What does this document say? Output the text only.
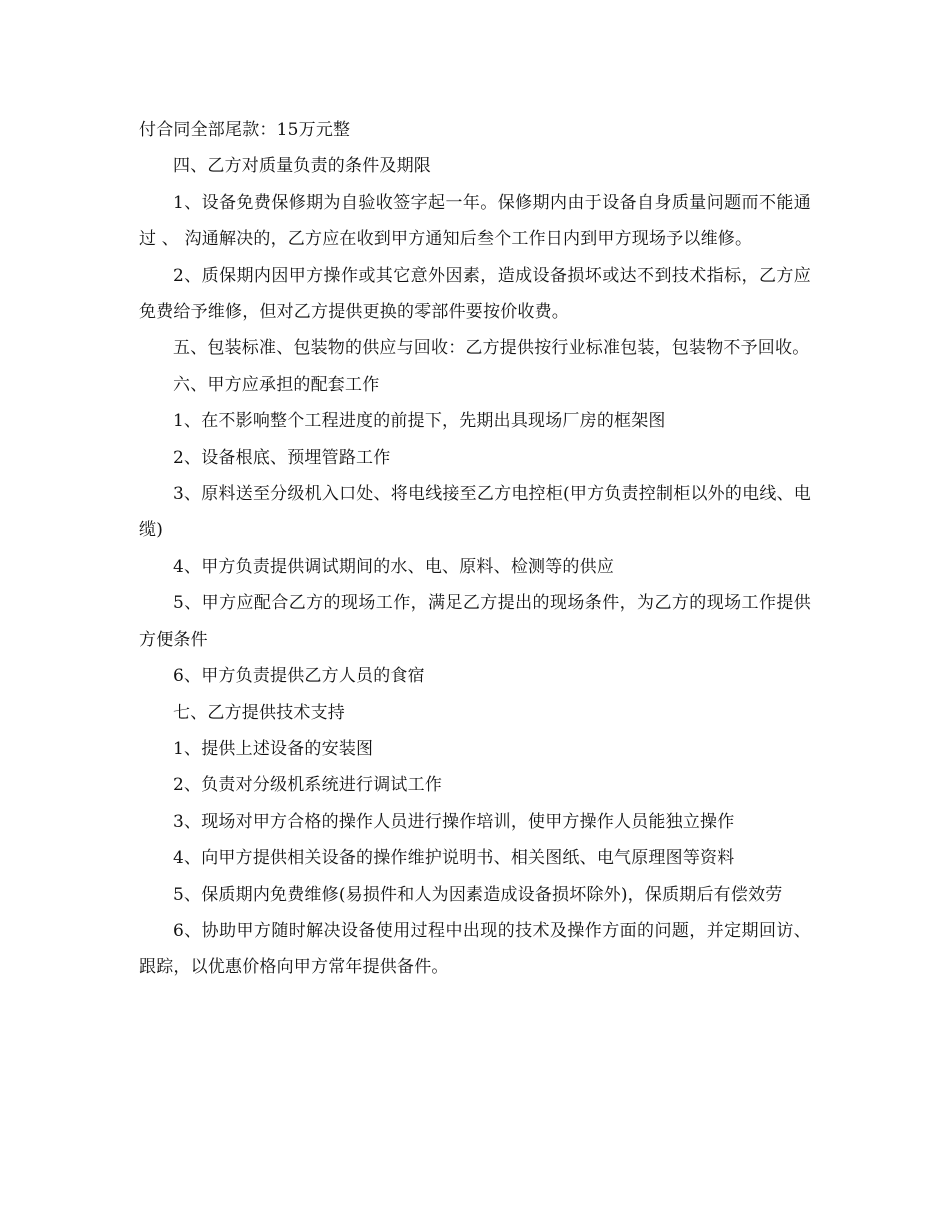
付合同全部尾款：15万元整

四、乙方对质量负责的条件及期限

1、设备免费保修期为自验收签字起一年。保修期内由于设备自身质量问题而不能通过 、 沟通解决的，乙方应在收到甲方通知后叁个工作日内到甲方现场予以维修。

2、质保期内因甲方操作或其它意外因素，造成设备损坏或达不到技术指标，乙方应免费给予维修，但对乙方提供更换的零部件要按价收费。

五、包装标准、包装物的供应与回收：乙方提供按行业标准包装，包装物不予回收。

六、甲方应承担的配套工作

1、在不影响整个工程进度的前提下，先期出具现场厂房的框架图

2、设备根底、预埋管路工作

3、原料送至分级机入口处、将电线接至乙方电控柜(甲方负责控制柜以外的电线、电缆)

4、甲方负责提供调试期间的水、电、原料、检测等的供应

5、甲方应配合乙方的现场工作，满足乙方提出的现场条件，为乙方的现场工作提供方便条件

6、甲方负责提供乙方人员的食宿

七、乙方提供技术支持

1、提供上述设备的安装图

2、负责对分级机系统进行调试工作

3、现场对甲方合格的操作人员进行操作培训，使甲方操作人员能独立操作

4、向甲方提供相关设备的操作维护说明书、相关图纸、电气原理图等资料

5、保质期内免费维修(易损件和人为因素造成设备损坏除外)，保质期后有偿效劳

6、协助甲方随时解决设备使用过程中出现的技术及操作方面的问题，并定期回访、跟踪，以优惠价格向甲方常年提供备件。
